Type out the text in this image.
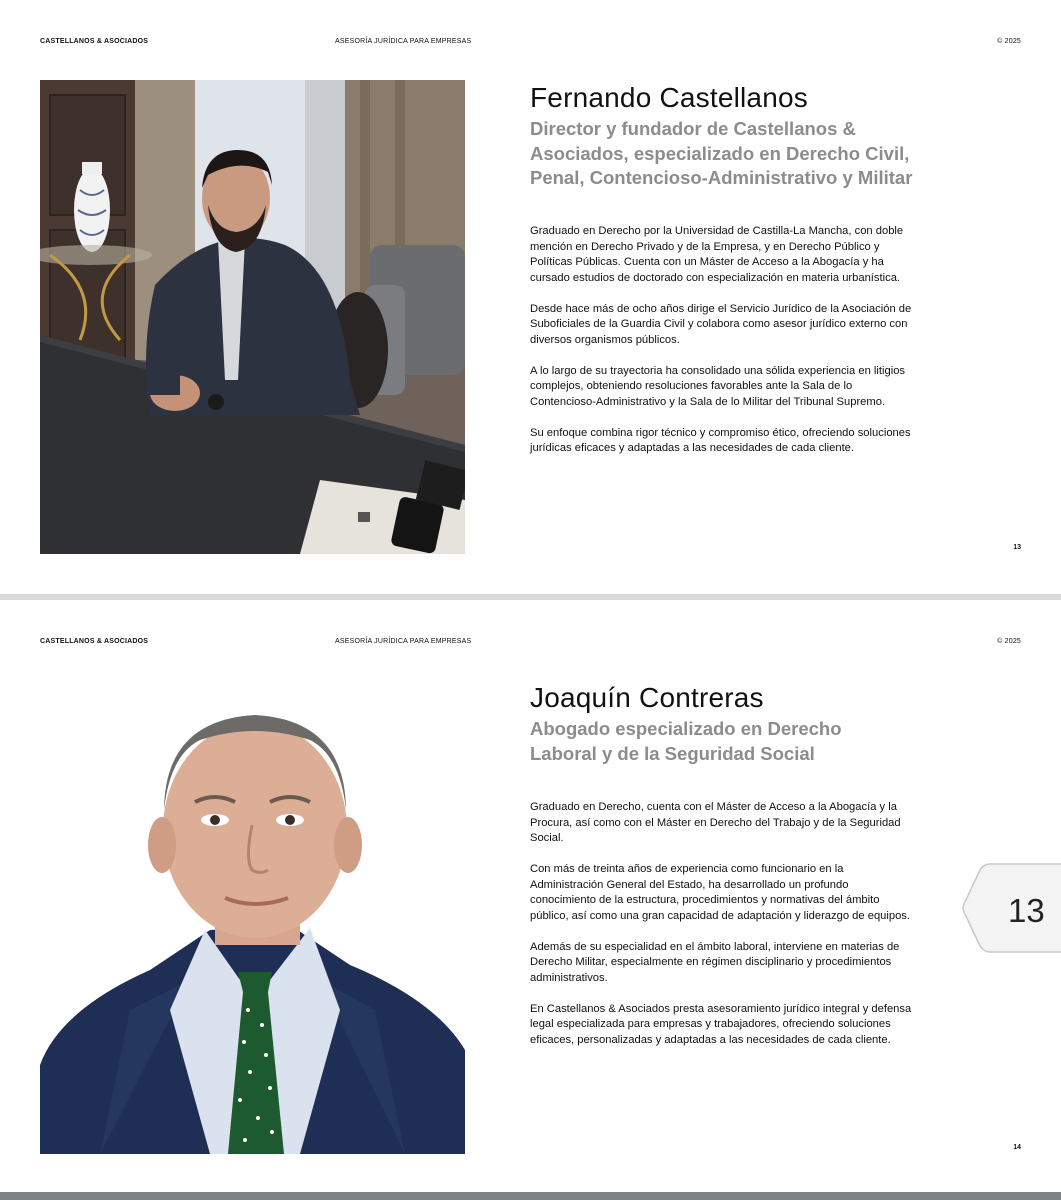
CASTELLANOS & ASOCIADOS	ASESORÍA JURÍDICA PARA EMPRESAS	© 2025
Fernando Castellanos
Director y fundador de Castellanos & Asociados, especializado en Derecho Civil, Penal, Contencioso-Administrativo y Militar

Graduado en Derecho por la Universidad de Castilla-La Mancha, con doble mención en Derecho Privado y de la Empresa, y en Derecho Público y Políticas Públicas. Cuenta con un Máster de Acceso a la Abogacía y ha cursado estudios de doctorado con especialización en materia urbanística.

Desde hace más de ocho años dirige el Servicio Jurídico de la Asociación de Suboficiales de la Guardia Civil y colabora como asesor jurídico externo con diversos organismos públicos.

A lo largo de su trayectoria ha consolidado una sólida experiencia en litigios complejos, obteniendo resoluciones favorables ante la Sala de lo Contencioso-Administrativo y la Sala de lo Militar del Tribunal Supremo.

Su enfoque combina rigor técnico y compromiso ético, ofreciendo soluciones jurídicas eficaces y adaptadas a las necesidades de cada cliente.

13
CASTELLANOS & ASOCIADOS	ASESORÍA JURÍDICA PARA EMPRESAS	© 2025
Joaquín Contreras
Abogado especializado en Derecho Laboral y de la Seguridad Social

Graduado en Derecho, cuenta con el Máster de Acceso a la Abogacía y la Procura, así como con el Máster en Derecho del Trabajo y de la Seguridad Social.

Con más de treinta años de experiencia como funcionario en la Administración General del Estado, ha desarrollado un profundo conocimiento de la estructura, procedimientos y normativas del ámbito público, así como una gran capacidad de adaptación y liderazgo de equipos.

Además de su especialidad en el ámbito laboral, interviene en materias de Derecho Militar, especialmente en régimen disciplinario y procedimientos administrativos.

En Castellanos & Asociados presta asesoramiento jurídico integral y defensa legal especializada para empresas y trabajadores, ofreciendo soluciones eficaces, personalizadas y adaptadas a las necesidades de cada cliente.

14
13
